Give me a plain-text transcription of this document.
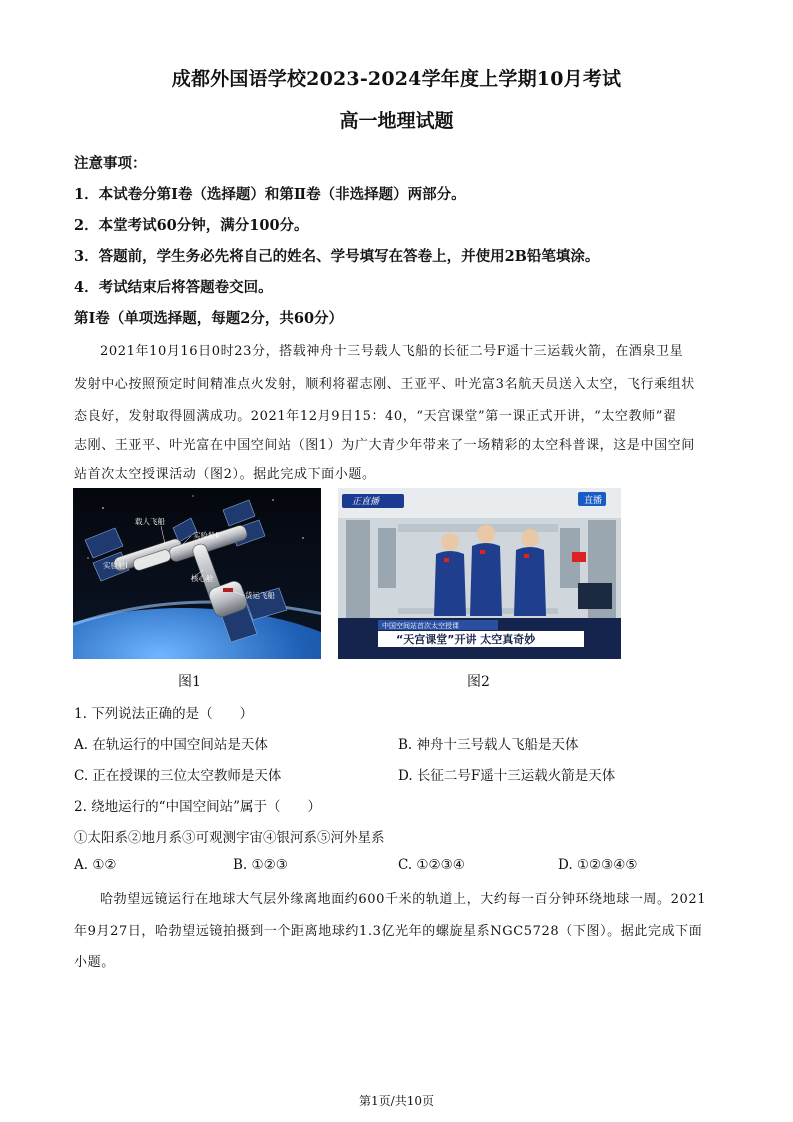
成都外国语学校2023-2024学年度上学期10月考试
高一地理试题
注意事项：
1．本试卷分第Ⅰ卷（选择题）和第Ⅱ卷（非选择题）两部分。
2．本堂考试60分钟，满分100分。
3．答题前，学生务必先将自己的姓名、学号填写在答卷上，并使用2B铅笔填涂。
4．考试结束后将答题卷交回。
第Ⅰ卷（单项选择题，每题2分，共60分）
2021年10月16日0时23分，搭载神舟十三号载人飞船的长征二号F遥十三运载火箭，在酒泉卫星
发射中心按照预定时间精准点火发射，顺利将翟志刚、王亚平、叶光富3名航天员送入太空，飞行乘组状
态良好，发射取得圆满成功。2021年12月9日15：40，“天宫课堂”第一课正式开讲，“太空教师”翟
志刚、王亚平、叶光富在中国空间站（图1）为广大青少年带来了一场精彩的太空科普课，这是中国空间
站首次太空授课活动（图2）。据此完成下面小题。
载人飞船
实验舱Ⅱ
实验舱Ⅰ
核心舱
货运飞船
正直播	直播
中国空间站首次太空授课
“天宫课堂”开讲 太空真奇妙
图1	图2
1. 下列说法正确的是（　　）
A. 在轨运行的中国空间站是天体	B. 神舟十三号载人飞船是天体
C. 正在授课的三位太空教师是天体	D. 长征二号F遥十三运载火箭是天体
2. 绕地运行的“中国空间站”属于（　　）
①太阳系②地月系③可观测宇宙④银河系⑤河外星系
A. ①②	B. ①②③	C. ①②③④	D. ①②③④⑤
哈勃望远镜运行在地球大气层外缘离地面约600千米的轨道上，大约每一百分钟环绕地球一周。2021
年9月27日，哈勃望远镜拍摄到一个距离地球约1.3亿光年的螺旋星系NGC5728（下图）。据此完成下面
小题。
第1页/共10页
